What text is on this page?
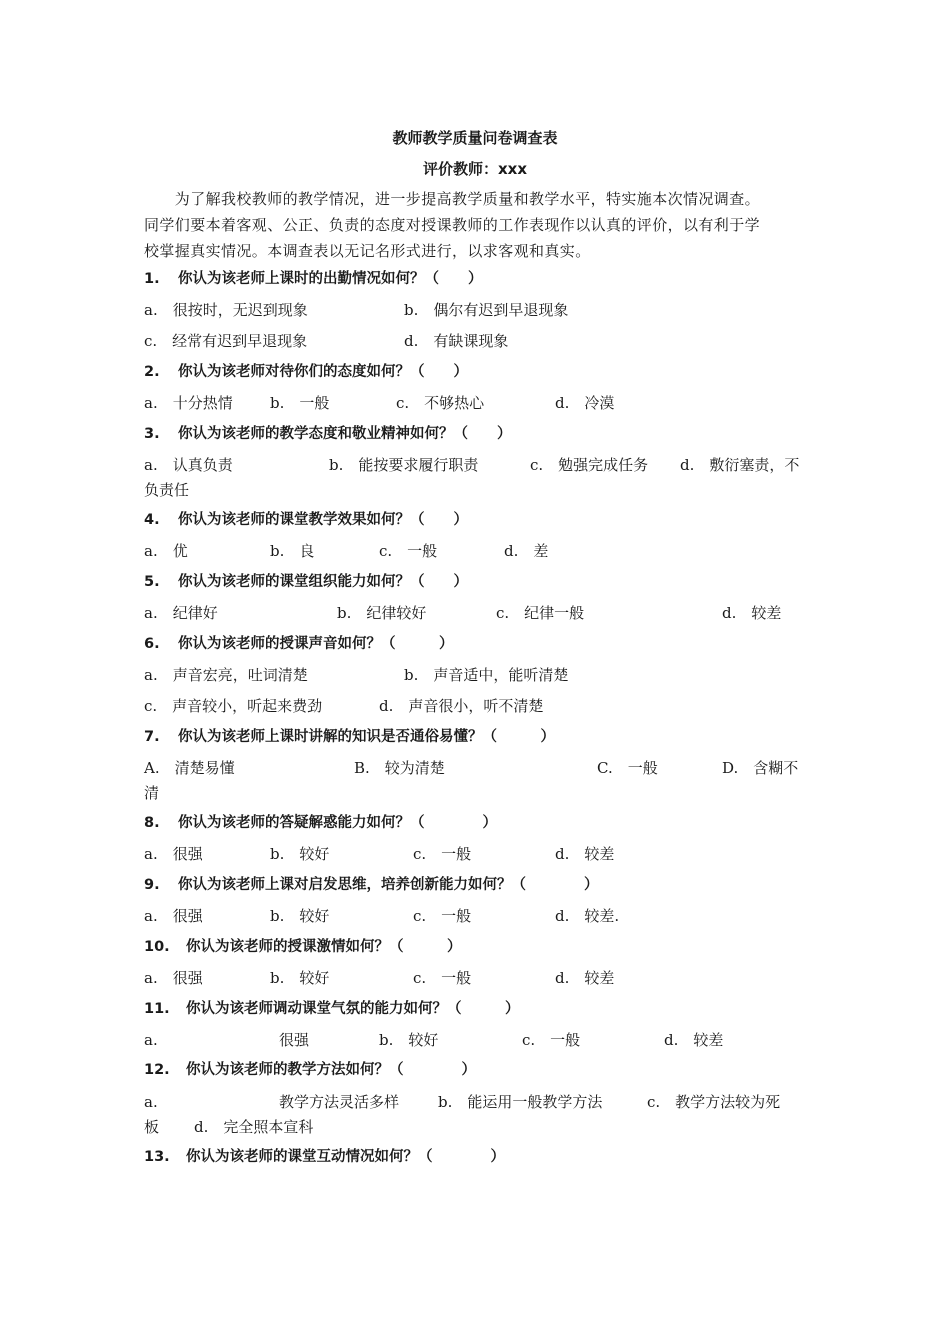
教师教学质量问卷调查表
评价教师：xxx
　　为了解我校教师的教学情况，进一步提高教学质量和教学水平，特实施本次情况调查。
同学们要本着客观、公正、负责的态度对授课教师的工作表现作以认真的评价，以有利于学
校掌握真实情况。本调查表以无记名形式进行，以求客观和真实。
1. 你认为该老师上课时的出勤情况如何？（　　）
a.　很按时，无迟到现象	b.　偶尔有迟到早退现象
c.　经常有迟到早退现象	d.　有缺课现象
2. 你认为该老师对待你们的态度如何？（　　）
a.　十分热情 b.　一般	c.　不够热心	d.　冷漠
3. 你认为该老师的教学态度和敬业精神如何？（　　）
a.　认真负责	b.　能按要求履行职责	c.　勉强完成任务 d.　敷衍塞责，不
负责任
4. 你认为该老师的课堂教学效果如何？（　　）
a.　优	b.　良	c.　一般	d.　差
5. 你认为该老师的课堂组织能力如何？（　　）
a.　纪律好	b.　纪律较好	c.　纪律一般	d.　较差
6. 你认为该老师的授课声音如何？（　　　）
a.　声音宏亮，吐词清楚	b.　声音适中，能听清楚
c.　声音较小，听起来费劲	d.　声音很小，听不清楚
7. 你认为该老师上课时讲解的知识是否通俗易懂？（　　　）
A.　清楚易懂	B.　较为清楚	C.　一般	D.　含糊不
清
8. 你认为该老师的答疑解惑能力如何？（　　　　）
a.　很强	b.　较好	c.　一般	d.　较差
9. 你认为该老师上课对启发思维，培养创新能力如何？（　　　　）
a.　很强	b.　较好	c.　一般	d.　较差.
10. 你认为该老师的授课激情如何？（　　　）
a.　很强	b.　较好	c.　一般	d.　较差
11. 你认为该老师调动课堂气氛的能力如何？（　　　）
a.	很强	b.　较好	c.　一般	d.　较差
12. 你认为该老师的教学方法如何？（　　　　）
a.	教学方法灵活多样	b.　能运用一般教学方法	c.　教学方法较为死
板 d.　完全照本宣科
13. 你认为该老师的课堂互动情况如何？（　　　　）
